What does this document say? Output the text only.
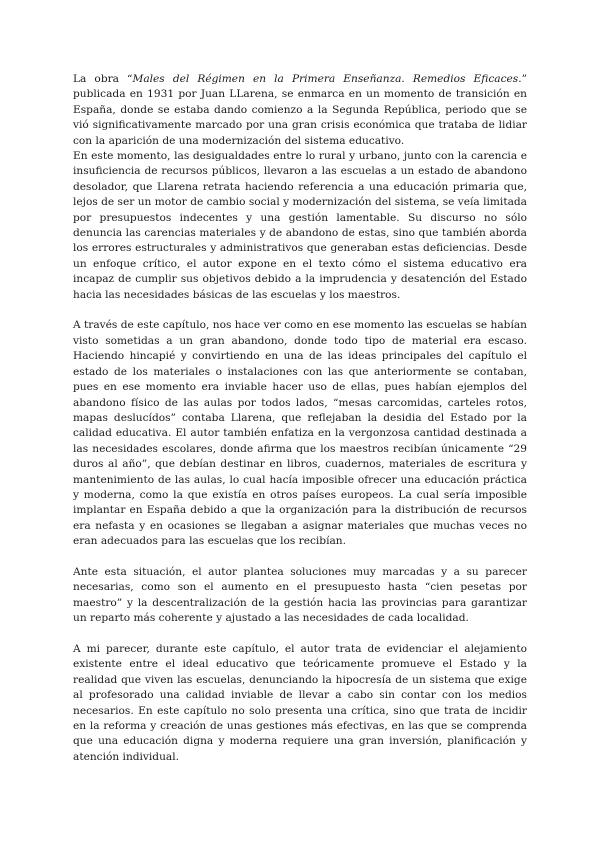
La obra “Males del Régimen en la Primera Enseñanza. Remedios Eficaces.” publicada en 1931 por Juan LLarena, se enmarca en un momento de transición en España, donde se estaba dando comienzo a la Segunda República, periodo que se vió significativamente marcado por una gran crisis económica que trataba de lidiar con la aparición de una modernización del sistema educativo.

En este momento, las desigualdades entre lo rural y urbano, junto con la carencia e insuficiencia de recursos públicos, llevaron a las escuelas a un estado de abandono desolador, que Llarena retrata haciendo referencia a una educación primaria que, lejos de ser un motor de cambio social y modernización del sistema, se veía limitada por presupuestos indecentes y una gestión lamentable. Su discurso no sólo denuncia las carencias materiales y de abandono de estas, sino que también aborda los errores estructurales y administrativos que generaban estas deficiencias. Desde un enfoque crítico, el autor expone en el texto cómo el sistema educativo era incapaz de cumplir sus objetivos debido a la imprudencia y desatención del Estado hacia las necesidades básicas de las escuelas y los maestros.

A través de este capítulo, nos hace ver como en ese momento las escuelas se habían visto sometidas a un gran abandono, donde todo tipo de material era escaso. Haciendo hincapié y convirtiendo en una de las ideas principales del capítulo el estado de los materiales o instalaciones con las que anteriormente se contaban, pues en ese momento era inviable hacer uso de ellas, pues habían ejemplos del abandono físico de las aulas por todos lados, “mesas carcomidas, carteles rotos, mapas deslucídos” contaba Llarena, que reflejaban la desidia del Estado por la calidad educativa. El autor también enfatiza en la vergonzosa cantidad destinada a las necesidades escolares, donde afirma que los maestros recibían únicamente “29 duros al año”, que debían destinar en libros, cuadernos, materiales de escritura y mantenimiento de las aulas, lo cual hacía imposible ofrecer una educación práctica y moderna, como la que existía en otros países europeos. La cual sería imposible implantar en España debido a que la organización para la distribución de recursos era nefasta y en ocasiones se llegaban a asignar materiales que muchas veces no eran adecuados para las escuelas que los recibían.

Ante esta situación, el autor plantea soluciones muy marcadas y a su parecer necesarias, como son el aumento en el presupuesto hasta “cien pesetas por maestro” y la descentralización de la gestión hacia las provincias para garantizar un reparto más coherente y ajustado a las necesidades de cada localidad.

A mi parecer, durante este capítulo, el autor trata de evidenciar el alejamiento existente entre el ideal educativo que teóricamente promueve el Estado y la realidad que viven las escuelas, denunciando la hipocresía de un sistema que exige al profesorado una calidad inviable de llevar a cabo sin contar con los medios necesarios. En este capítulo no solo presenta una crítica, sino que trata de incidir en la reforma y creación de unas gestiones más efectivas, en las que se comprenda que una educación digna y moderna requiere una gran inversión, planificación y atención individual.
